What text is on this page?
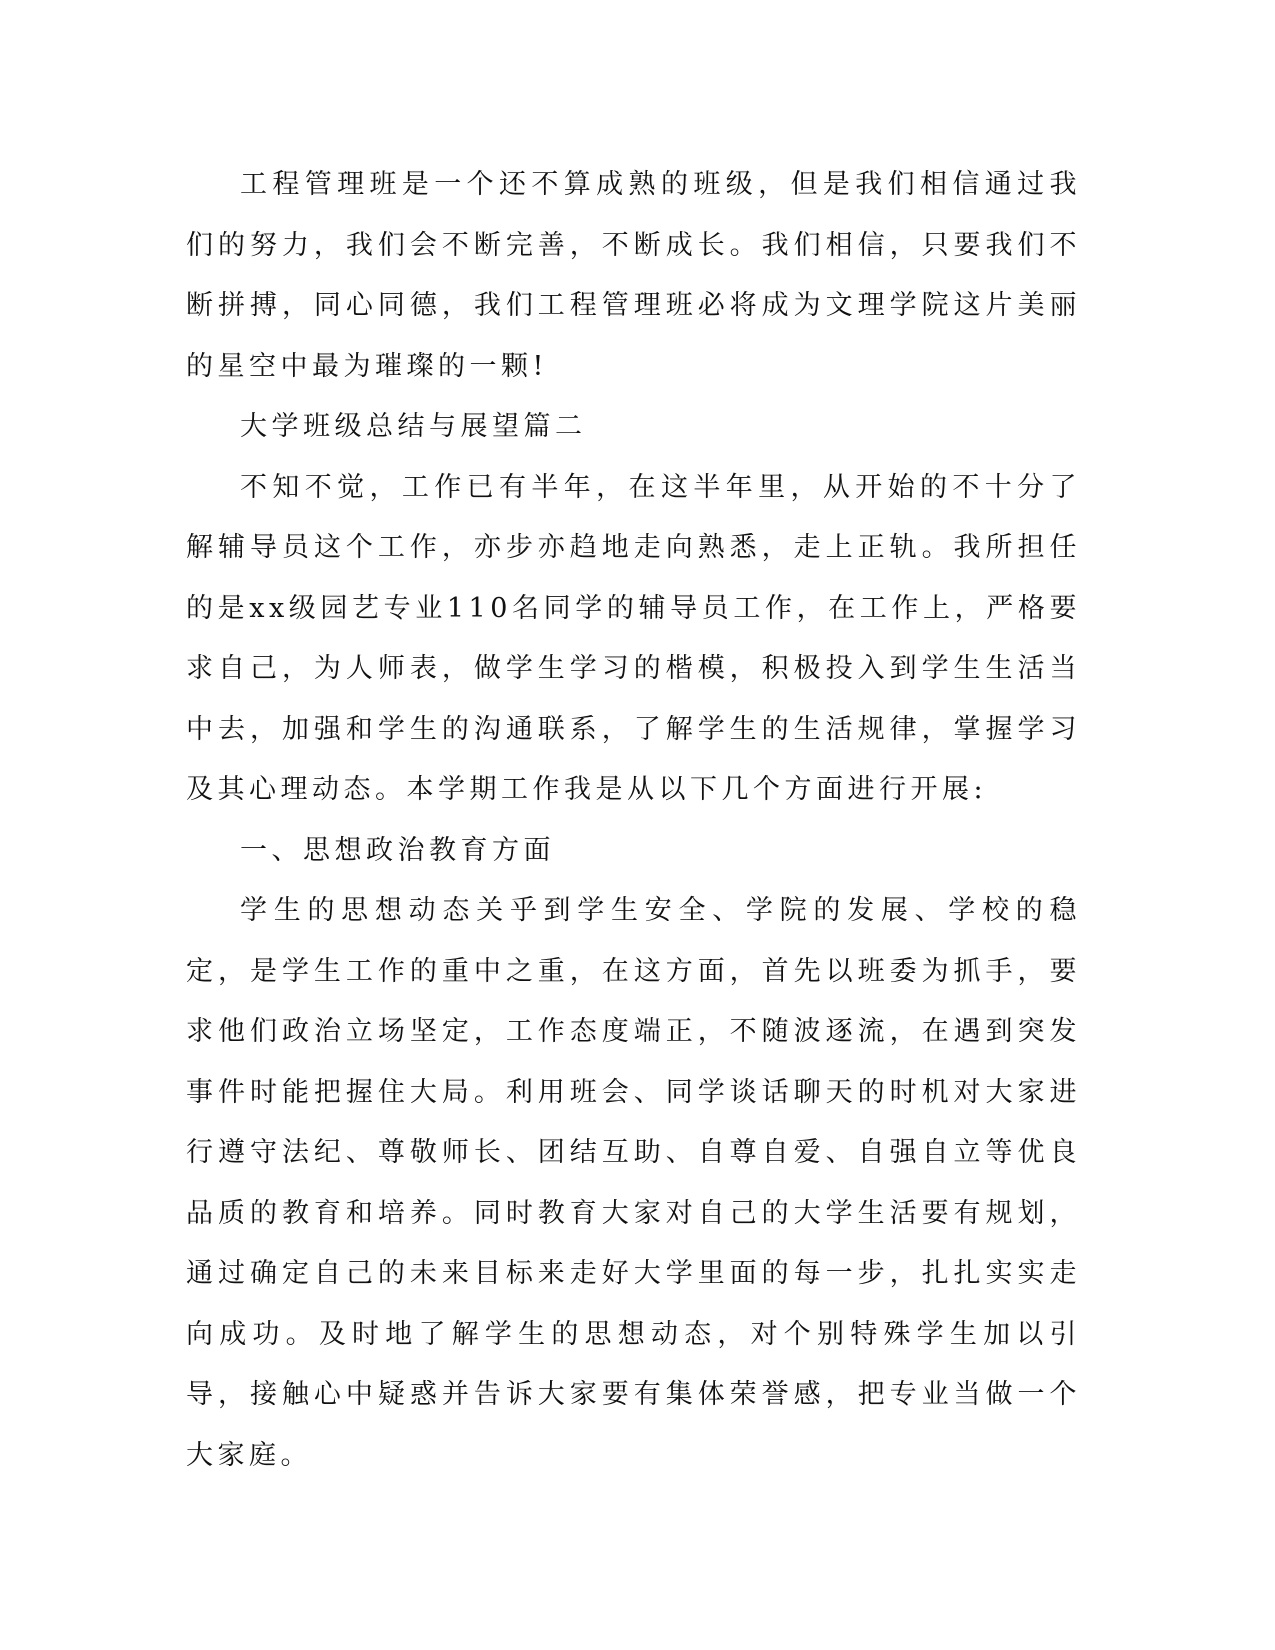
工程管理班是一个还不算成熟的班级，但是我们相信通过我们的努力，我们会不断完善，不断成长。我们相信，只要我们不断拼搏，同心同德，我们工程管理班必将成为文理学院这片美丽的星空中最为璀璨的一颗!

大学班级总结与展望篇二

不知不觉，工作已有半年，在这半年里，从开始的不十分了解辅导员这个工作，亦步亦趋地走向熟悉，走上正轨。我所担任的是xx级园艺专业110名同学的辅导员工作，在工作上，严格要求自己，为人师表，做学生学习的楷模，积极投入到学生生活当中去，加强和学生的沟通联系，了解学生的生活规律，掌握学习及其心理动态。本学期工作我是从以下几个方面进行开展:

一、思想政治教育方面

学生的思想动态关乎到学生安全、学院的发展、学校的稳定，是学生工作的重中之重，在这方面，首先以班委为抓手，要求他们政治立场坚定，工作态度端正，不随波逐流，在遇到突发事件时能把握住大局。利用班会、同学谈话聊天的时机对大家进行遵守法纪、尊敬师长、团结互助、自尊自爱、自强自立等优良品质的教育和培养。同时教育大家对自己的大学生活要有规划，通过确定自己的未来目标来走好大学里面的每一步，扎扎实实走向成功。及时地了解学生的思想动态，对个别特殊学生加以引导，接触心中疑惑并告诉大家要有集体荣誉感，把专业当做一个大家庭。
